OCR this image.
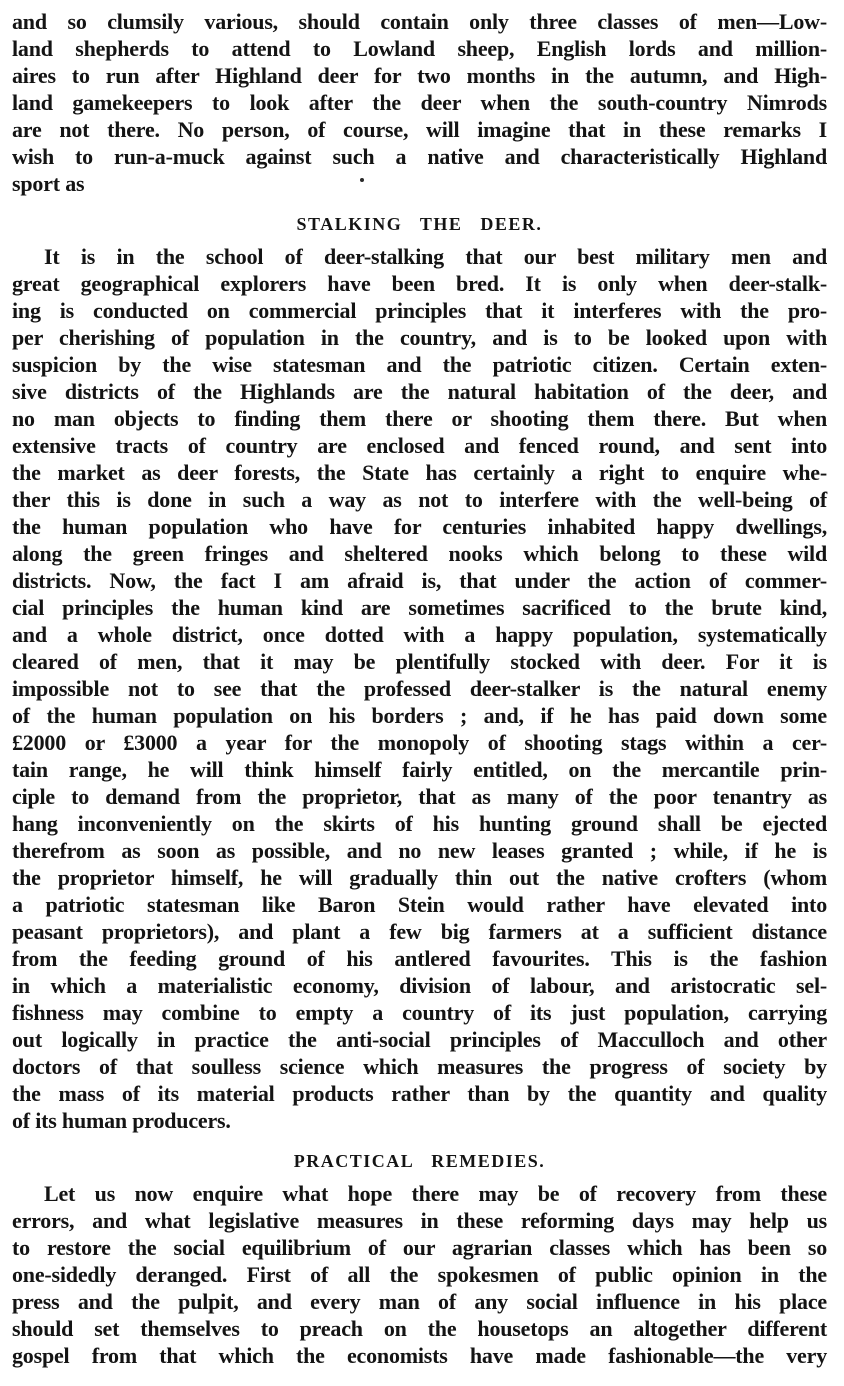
and so clumsily various, should contain only three classes of men—Low-
land shepherds to attend to Lowland sheep, English lords and million-
aires to run after Highland deer for two months in the autumn, and High-
land gamekeepers to look after the deer when the south-country Nimrods
are not there. No person, of course, will imagine that in these remarks I
wish to run-a-muck against such a native and characteristically Highland
sport as
STALKING THE DEER.
It is in the school of deer-stalking that our best military men and
great geographical explorers have been bred. It is only when deer-stalk-
ing is conducted on commercial principles that it interferes with the pro-
per cherishing of population in the country, and is to be looked upon with
suspicion by the wise statesman and the patriotic citizen. Certain exten-
sive districts of the Highlands are the natural habitation of the deer, and
no man objects to finding them there or shooting them there. But when
extensive tracts of country are enclosed and fenced round, and sent into
the market as deer forests, the State has certainly a right to enquire whe-
ther this is done in such a way as not to interfere with the well-being of
the human population who have for centuries inhabited happy dwellings,
along the green fringes and sheltered nooks which belong to these wild
districts. Now, the fact I am afraid is, that under the action of commer-
cial principles the human kind are sometimes sacrificed to the brute kind,
and a whole district, once dotted with a happy population, systematically
cleared of men, that it may be plentifully stocked with deer. For it is
impossible not to see that the professed deer-stalker is the natural enemy
of the human population on his borders ; and, if he has paid down some
£2000 or £3000 a year for the monopoly of shooting stags within a cer-
tain range, he will think himself fairly entitled, on the mercantile prin-
ciple to demand from the proprietor, that as many of the poor tenantry as
hang inconveniently on the skirts of his hunting ground shall be ejected
therefrom as soon as possible, and no new leases granted ; while, if he is
the proprietor himself, he will gradually thin out the native crofters (whom
a patriotic statesman like Baron Stein would rather have elevated into
peasant proprietors), and plant a few big farmers at a sufficient distance
from the feeding ground of his antlered favourites. This is the fashion
in which a materialistic economy, division of labour, and aristocratic sel-
fishness may combine to empty a country of its just population, carrying
out logically in practice the anti-social principles of Macculloch and other
doctors of that soulless science which measures the progress of society by
the mass of its material products rather than by the quantity and quality
of its human producers.
PRACTICAL REMEDIES.
Let us now enquire what hope there may be of recovery from these
errors, and what legislative measures in these reforming days may help us
to restore the social equilibrium of our agrarian classes which has been so
one-sidedly deranged. First of all the spokesmen of public opinion in the
press and the pulpit, and every man of any social influence in his place
should set themselves to preach on the housetops an altogether different
gospel from that which the economists have made fashionable—the very
